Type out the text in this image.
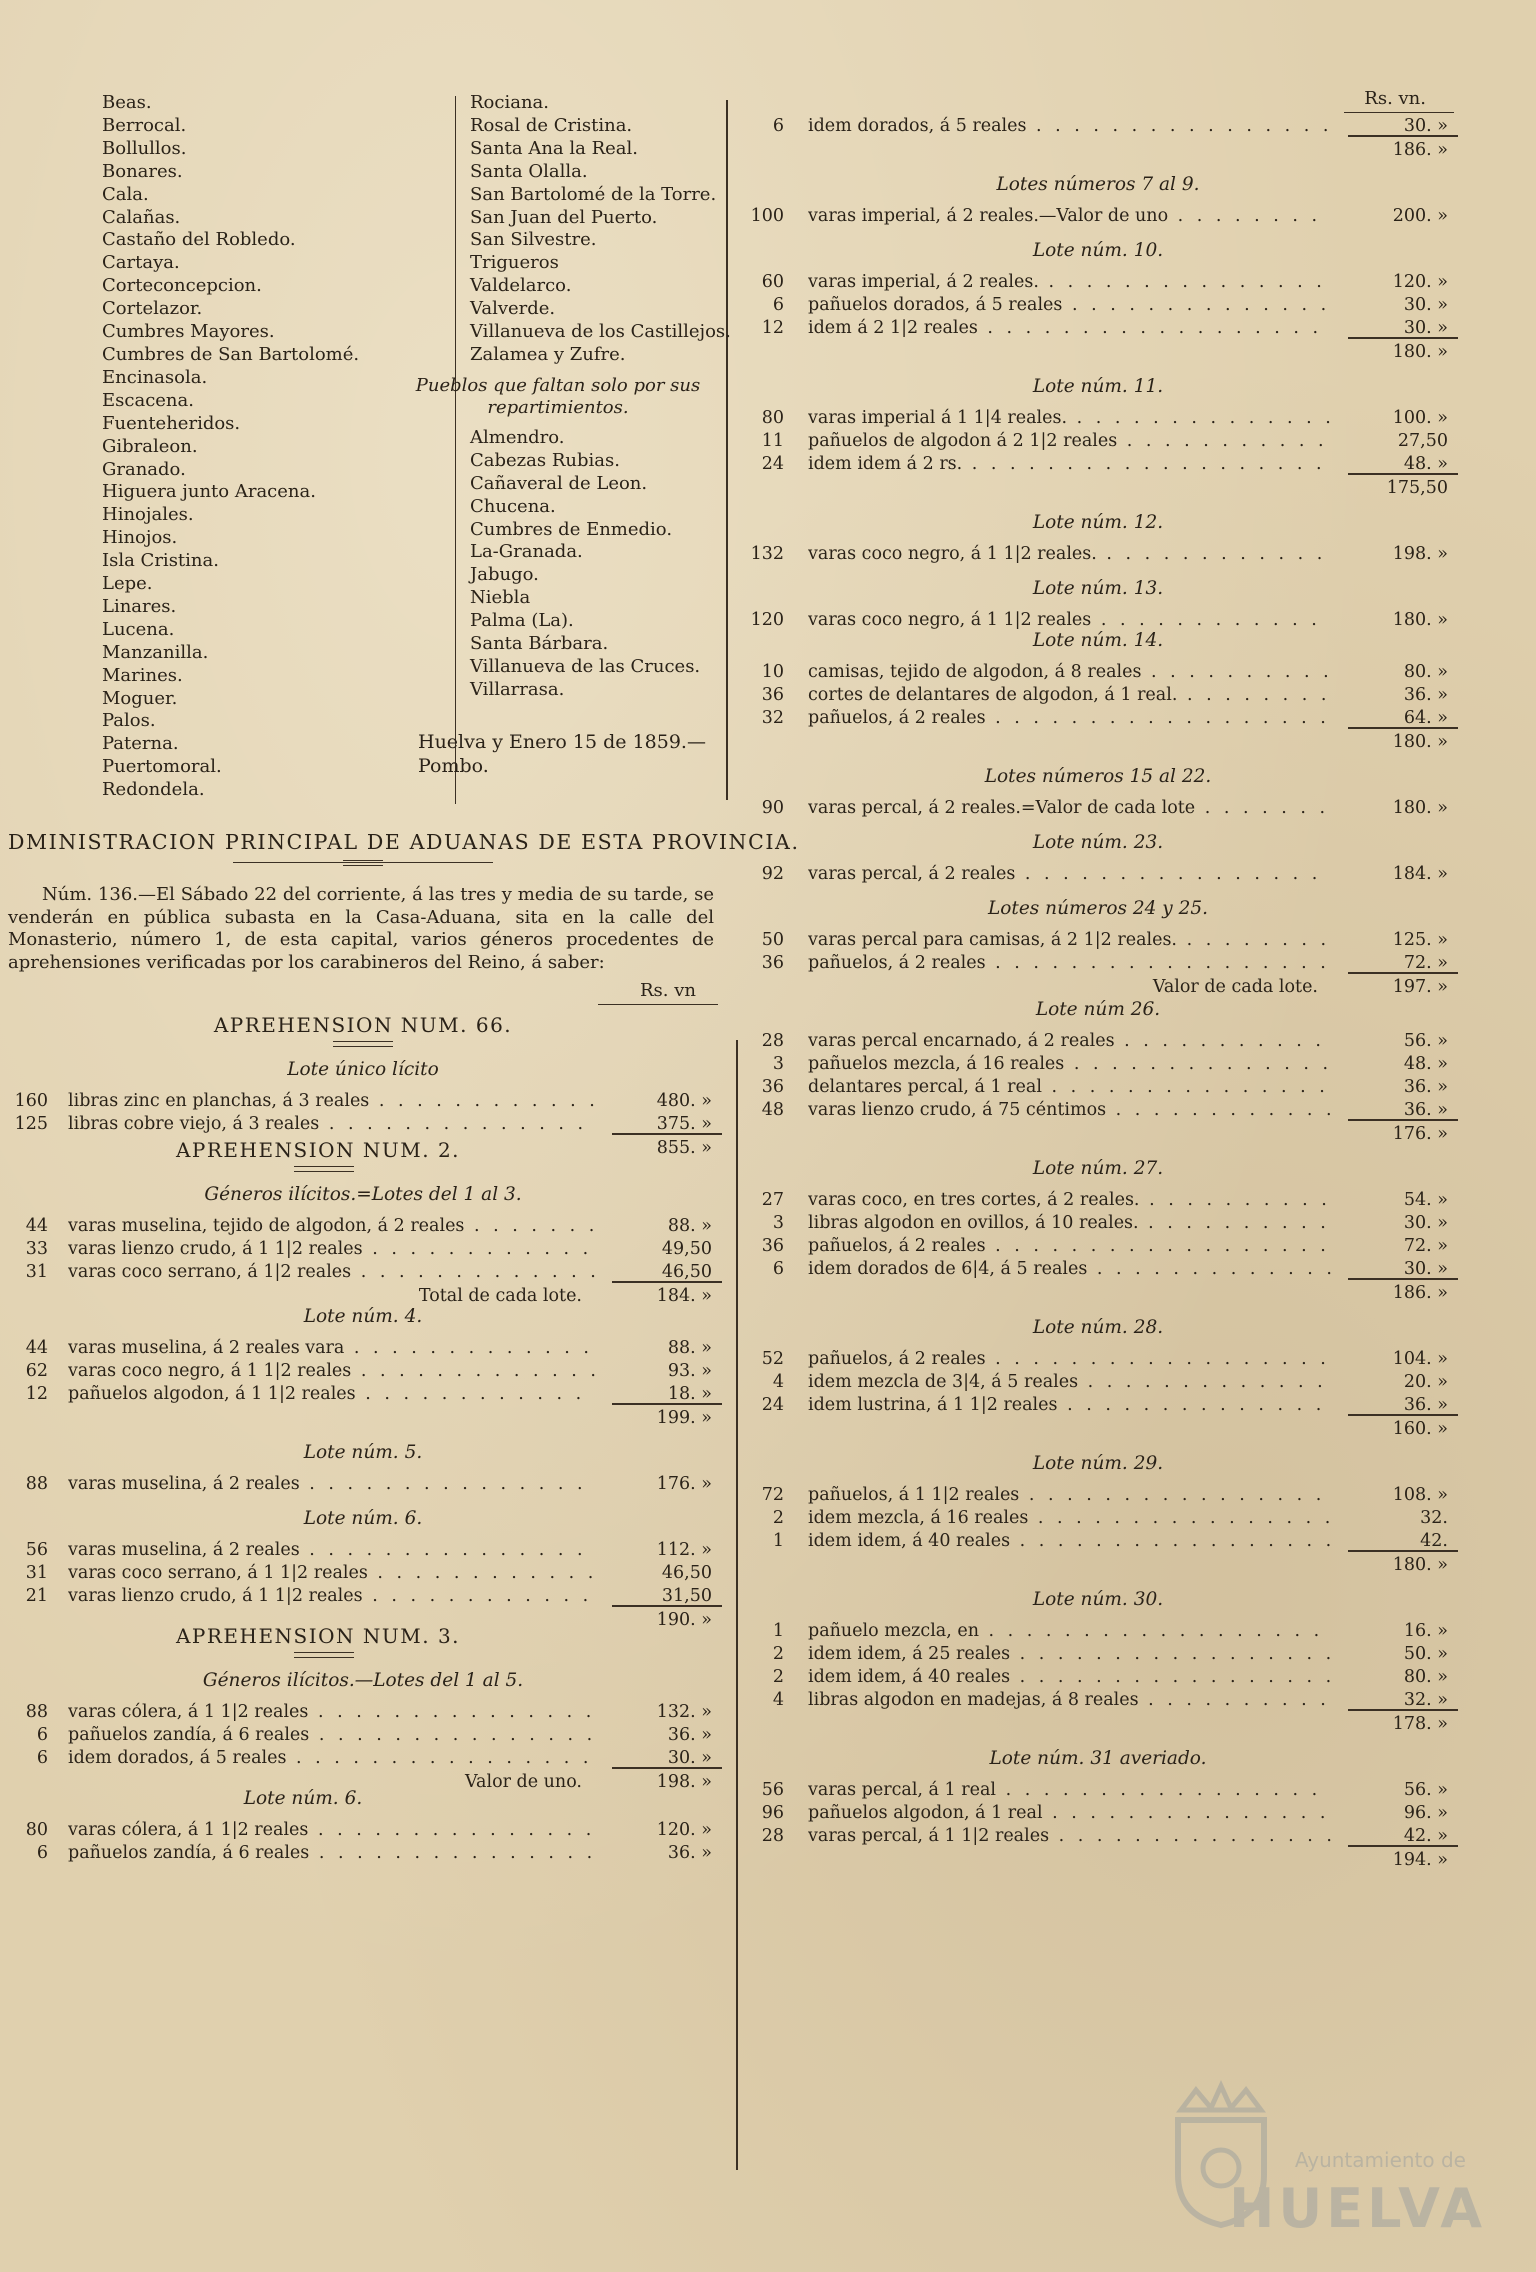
Beas.
Berrocal.
Bollullos.
Bonares.
Cala.
Calañas.
Castaño del Robledo.
Cartaya.
Corteconcepcion.
Cortelazor.
Cumbres Mayores.
Cumbres de San Bartolomé.
Encinasola.
Escacena.
Fuenteheridos.
Gibraleon.
Granado.
Higuera junto Aracena.
Hinojales.
Hinojos.
Isla Cristina.
Lepe.
Linares.
Lucena.
Manzanilla.
Marines.
Moguer.
Palos.
Paterna.
Puertomoral.
Redondela.
Rociana.
Rosal de Cristina.
Santa Ana la Real.
Santa Olalla.
San Bartolomé de la Torre.
San Juan del Puerto.
San Silvestre.
Trigueros
Valdelarco.
Valverde.
Villanueva de los Castillejos.
Zalamea y Zufre.
Pueblos que faltan solo por sus repartimientos.
Almendro.
Cabezas Rubias.
Cañaveral de Leon.
Chucena.
Cumbres de Enmedio.
La-Granada.
Jabugo.
Niebla
Palma (La).
Santa Bárbara.
Villanueva de las Cruces.
Villarrasa.
Huelva y Enero 15 de 1859.—
Pombo.
DMINISTRACION PRINCIPAL DE ADUANAS DE ESTA PROVINCIA.
Núm. 136.—El Sábado 22 del corriente, á las tres y media de su tarde, se venderán en pública subasta en la Casa-Aduana, sita en la calle del Monasterio, número 1, de esta capital, varios géneros procedentes de aprehensiones verificadas por los carabineros del Reino, á saber:
Rs. vn
APREHENSION NUM. 66.
Lote único lícito
160	libras zinc en planchas, á 3 reales . . .	480. »
125	libras cobre viejo, á 3 reales . . .	375. »
855. »
APREHENSION NUM. 2.
Géneros ilícitos.=Lotes del 1 al 3.
44	varas muselina, tejido de algodon, á 2 reales . . .	88. »
33	varas lienzo crudo, á 1 1|2 reales . . .	49,50
31	varas coco serrano, á 1|2 reales . . .	46,50
Total de cada lote.	184. »
Lote núm. 4.
44	varas muselina, á 2 reales vara . . .	88. »
62	varas coco negro, á 1 1|2 reales . . .	93. »
12	pañuelos algodon, á 1 1|2 reales . . .	18. »
199. »
Lote núm. 5.
88	varas muselina, á 2 reales . . .	176. »
Lote núm. 6.
56	varas muselina, á 2 reales . . .	112. »
31	varas coco serrano, á 1 1|2 reales . . .	46,50
21	varas lienzo crudo, á 1 1|2 reales . . .	31,50
190. »
APREHENSION NUM. 3.
Géneros ilícitos.—Lotes del 1 al 5.
88	varas cólera, á 1 1|2 reales . . .	132. »
6	pañuelos zandía, á 6 reales . . .	36. »
6	idem dorados, á 5 reales . . .	30. »
Valor de uno.	198. »
Lote núm. 6.
80	varas cólera, á 1 1|2 reales . . .	120. »
6	pañuelos zandía, á 6 reales . . .	36. »
Rs. vn.
6	idem dorados, á 5 reales . . .	30. »
186. »
Lotes números 7 al 9.
100	varas imperial, á 2 reales.—Valor de uno . . .	200. »
Lote núm. 10.
60	varas imperial, á 2 reales. . . .	120. »
6	pañuelos dorados, á 5 reales . . .	30. »
12	idem á 2 1|2 reales . . .	30. »
180. »
Lote núm. 11.
80	varas imperial á 1 1|4 reales. . . .	100. »
11	pañuelos de algodon á 2 1|2 reales . . .	27,50
24	idem idem á 2 rs. . . .	48. »
175,50
Lote núm. 12.
132	varas coco negro, á 1 1|2 reales. . . .	198. »
Lote núm. 13.
120	varas coco negro, á 1 1|2 reales . . .	180. »
Lote núm. 14.
10	camisas, tejido de algodon, á 8 reales . . .	80. »
36	cortes de delantares de algodon, á 1 real. . . .	36. »
32	pañuelos, á 2 reales . . .	64. »
180. »
Lotes números 15 al 22.
90	varas percal, á 2 reales.=Valor de cada lote . . .	180. »
Lote núm. 23.
92	varas percal, á 2 reales . . .	184. »
Lotes números 24 y 25.
50	varas percal para camisas, á 2 1|2 reales. . . .	125. »
36	pañuelos, á 2 reales . . .	72. »
Valor de cada lote.	197. »
Lote núm 26.
28	varas percal encarnado, á 2 reales . . .	56. »
3	pañuelos mezcla, á 16 reales . . .	48. »
36	delantares percal, á 1 real . . .	36. »
48	varas lienzo crudo, á 75 céntimos . . .	36. »
176. »
Lote núm. 27.
27	varas coco, en tres cortes, á 2 reales. . . .	54. »
3	libras algodon en ovillos, á 10 reales. . . .	30. »
36	pañuelos, á 2 reales . . .	72. »
6	idem dorados de 6|4, á 5 reales . . .	30. »
186. »
Lote núm. 28.
52	pañuelos, á 2 reales . . .	104. »
4	idem mezcla de 3|4, á 5 reales . . .	20. »
24	idem lustrina, á 1 1|2 reales . . .	36. »
160. »
Lote núm. 29.
72	pañuelos, á 1 1|2 reales . . .	108. »
2	idem mezcla, á 16 reales . . .	32.
1	idem idem, á 40 reales . . .	42.
180. »
Lote núm. 30.
1	pañuelo mezcla, en . . .	16. »
2	idem idem, á 25 reales . . .	50. »
2	idem idem, á 40 reales . . .	80. »
4	libras algodon en madejas, á 8 reales . . .	32. »
178. »
Lote núm. 31 averiado.
56	varas percal, á 1 real . . .	56. »
96	pañuelos algodon, á 1 real . . .	96. »
28	varas percal, á 1 1|2 reales . . .	42. »
194. »
Ayuntamiento de
HUELVA
